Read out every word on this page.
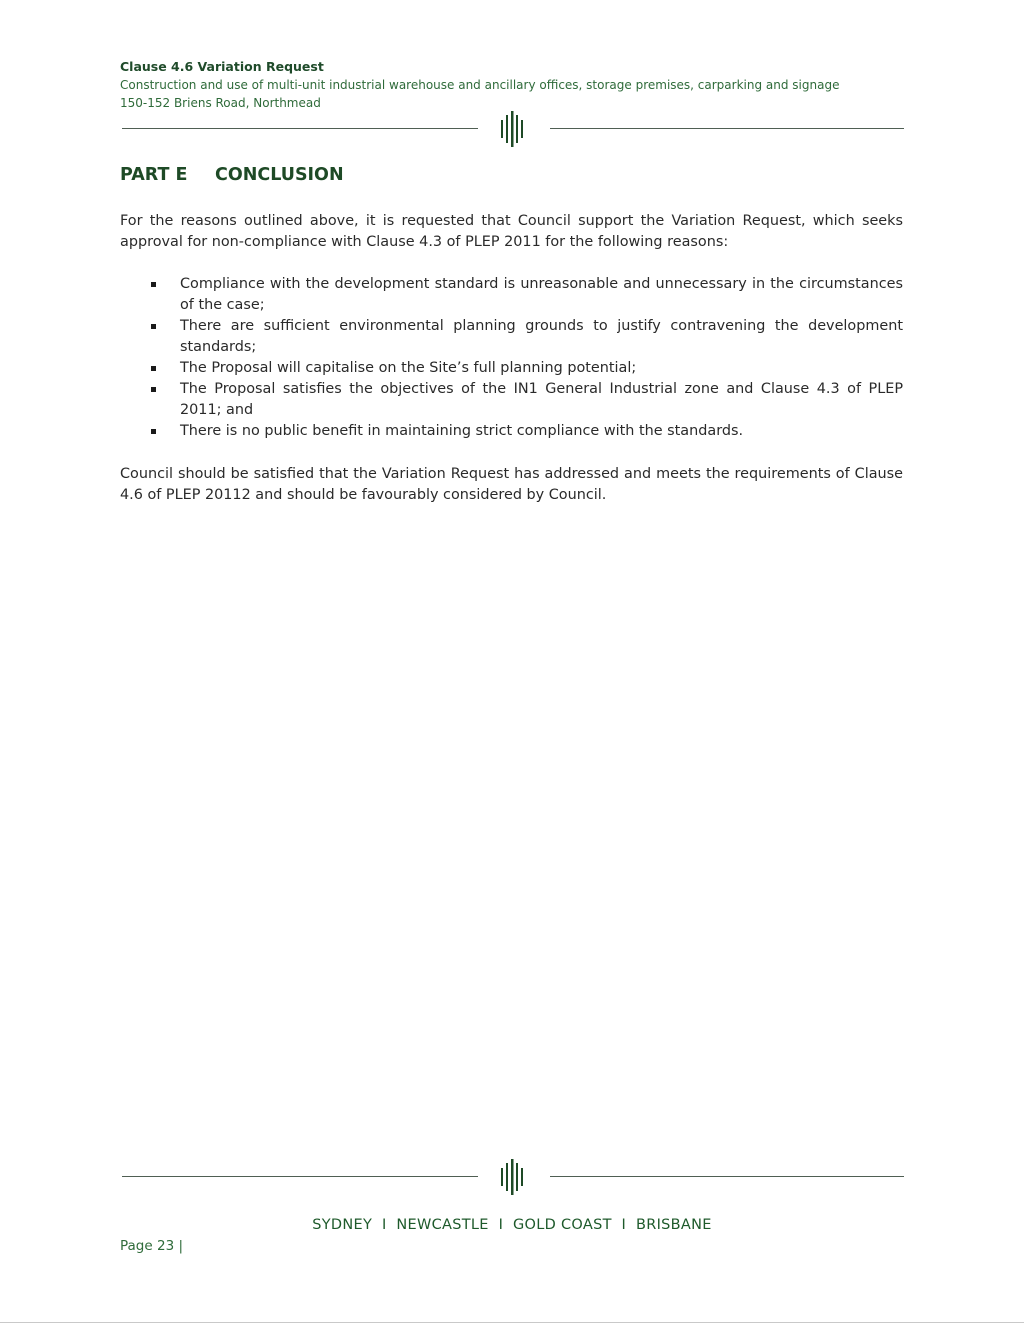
Clause 4.6 Variation Request
Construction and use of multi-unit industrial warehouse and ancillary offices, storage premises, carparking and signage
150-152 Briens Road, Northmead
PART E CONCLUSION
For the reasons outlined above, it is requested that Council support the Variation Request, which seeks approval for non-compliance with Clause 4.3 of PLEP 2011 for the following reasons:
Compliance with the development standard is unreasonable and unnecessary in the circumstances of the case;
There are sufficient environmental planning grounds to justify contravening the development standards;
The Proposal will capitalise on the Site’s full planning potential;
The Proposal satisfies the objectives of the IN1 General Industrial zone and Clause 4.3 of PLEP 2011; and
There is no public benefit in maintaining strict compliance with the standards.
Council should be satisfied that the Variation Request has addressed and meets the requirements of Clause 4.6 of PLEP 20112 and should be favourably considered by Council.
SYDNEY  I  NEWCASTLE  I  GOLD COAST  I  BRISBANE
Page 23 |
